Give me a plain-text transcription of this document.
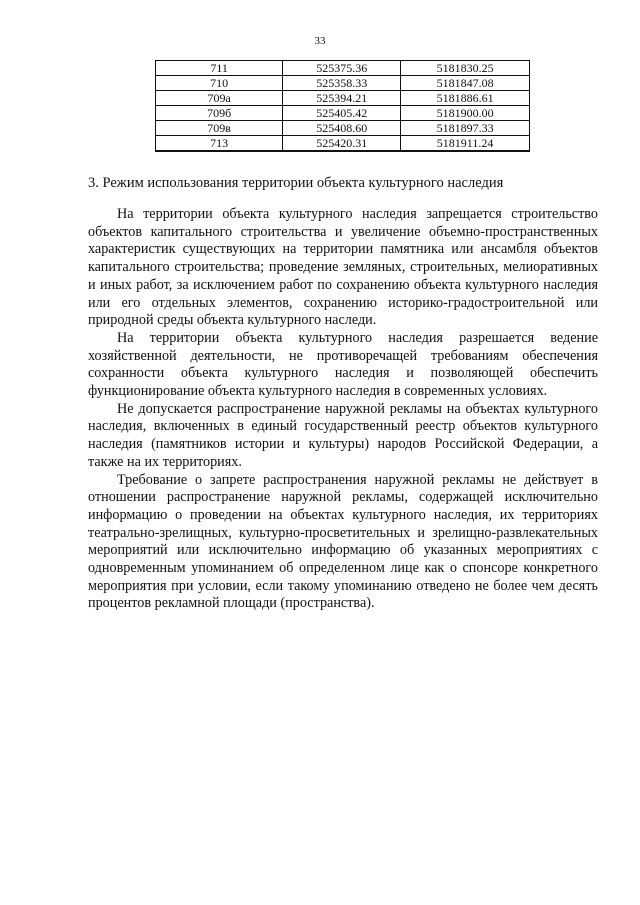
33
711	525375.36	5181830.25
710	525358.33	5181847.08
709а	525394.21	5181886.61
709б	525405.42	5181900.00
709в	525408.60	5181897.33
713	525420.31	5181911.24
3. Режим использования территории объекта культурного наследия

На территории объекта культурного наследия запрещается строительство объектов капитального строительства и увеличение объемно-пространственных характеристик существующих на территории памятника или ансамбля объектов капитального строительства; проведение земляных, строительных, мелиоративных и иных работ, за исключением работ по сохранению объекта культурного наследия или его отдельных элементов, сохранению историко-градостроительной или природной среды объекта культурного наследи.

На территории объекта культурного наследия разрешается ведение хозяйственной деятельности, не противоречащей требованиям обеспечения сохранности объекта культурного наследия и позволяющей обеспечить функционирование объекта культурного наследия в современных условиях.

Не допускается распространение наружной рекламы на объектах культурного наследия, включенных в единый государственный реестр объектов культурного наследия (памятников истории и культуры) народов Российской Федерации, а также на их территориях.

Требование о запрете распространения наружной рекламы не действует в отношении распространение наружной рекламы, содержащей исключительно информацию о проведении на объектах культурного наследия, их территориях театрально-зрелищных, культурно-просветительных и зрелищно-развлекательных мероприятий или исключительно информацию об указанных мероприятиях с одновременным упоминанием об определенном лице как о спонсоре конкретного мероприятия при условии, если такому упоминанию отведено не более чем десять процентов рекламной площади (пространства).
